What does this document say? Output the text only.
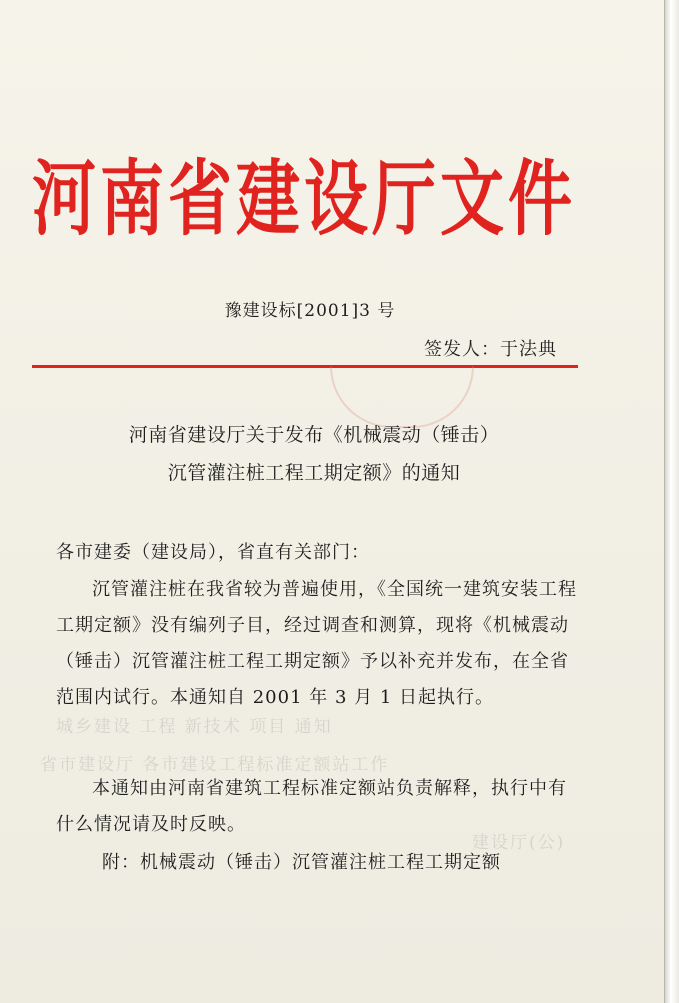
河 南 省 建 设 厅 文 件
豫建设标[2001]3 号
签发人：于法典
城乡建设 工程 新技术 项目 通知
省市建设厅 各市建设工程标准定额站工作
建设厅(公)
河南省建设厅关于发布《机械震动（锤击）
沉管灌注桩工程工期定额》的通知
各市建委（建设局），省直有关部门：
沉管灌注桩在我省较为普遍使用，《全国统一建筑安装工程工期定额》没有编列子目，经过调查和测算，现将《机械震动（锤击）沉管灌注桩工程工期定额》予以补充并发布，在全省范围内试行。本通知自 2001 年 3 月 1 日起执行。
本通知由河南省建筑工程标准定额站负责解释，执行中有什么情况请及时反映。
附：机械震动（锤击）沉管灌注桩工程工期定额
